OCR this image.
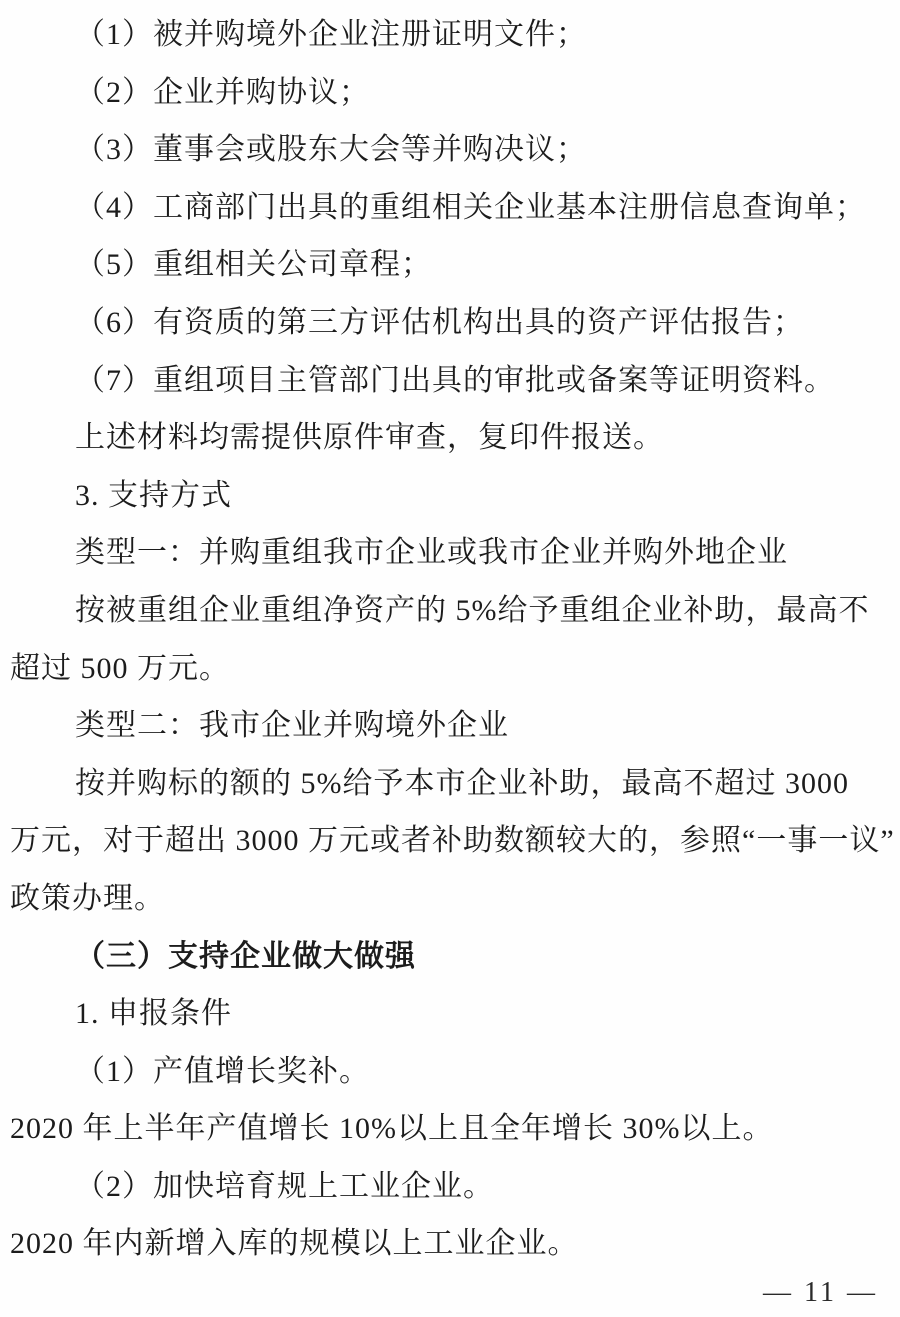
（1）被并购境外企业注册证明文件；
（2）企业并购协议；
（3）董事会或股东大会等并购决议；
（4）工商部门出具的重组相关企业基本注册信息查询单；
（5）重组相关公司章程；
（6）有资质的第三方评估机构出具的资产评估报告；
（7）重组项目主管部门出具的审批或备案等证明资料。
上述材料均需提供原件审查，复印件报送。
3. 支持方式
类型一：并购重组我市企业或我市企业并购外地企业
按被重组企业重组净资产的 5%给予重组企业补助，最高不
超过 500 万元。
类型二：我市企业并购境外企业
按并购标的额的 5%给予本市企业补助，最高不超过 3000
万元，对于超出 3000 万元或者补助数额较大的，参照“一事一议”
政策办理。
（三）支持企业做大做强
1. 申报条件
（1）产值增长奖补。
2020 年上半年产值增长 10%以上且全年增长 30%以上。
（2）加快培育规上工业企业。
2020 年内新增入库的规模以上工业企业。
— 11 —
